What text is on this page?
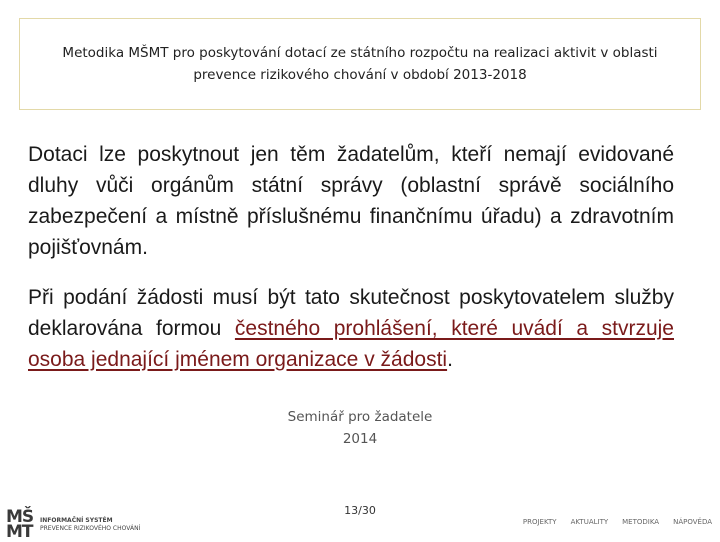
Metodika MŠMT pro poskytování dotací ze státního rozpočtu na realizaci aktivit v oblasti
prevence rizikového chování v období 2013-2018
Dotaci lze poskytnout jen těm žadatelům, kteří nemají evidované dluhy vůči orgánům státní správy (oblastní správě sociálního zabezpečení a místně příslušnému finančnímu úřadu) a zdravotním pojišťovnám.
Při podání žádosti musí být tato skutečnost poskytovatelem služby deklarována formou čestného prohlášení, které uvádí a stvrzuje osoba jednající jménem organizace v žádosti.
Seminář pro žadatele
2014
13/30
MŠ
MT
INFORMAČNÍ SYSTÉM
PREVENCE RIZIKOVÉHO CHOVÁNÍ
PROJEKTY AKTUALITY METODIKA NÁPOVĚDA
